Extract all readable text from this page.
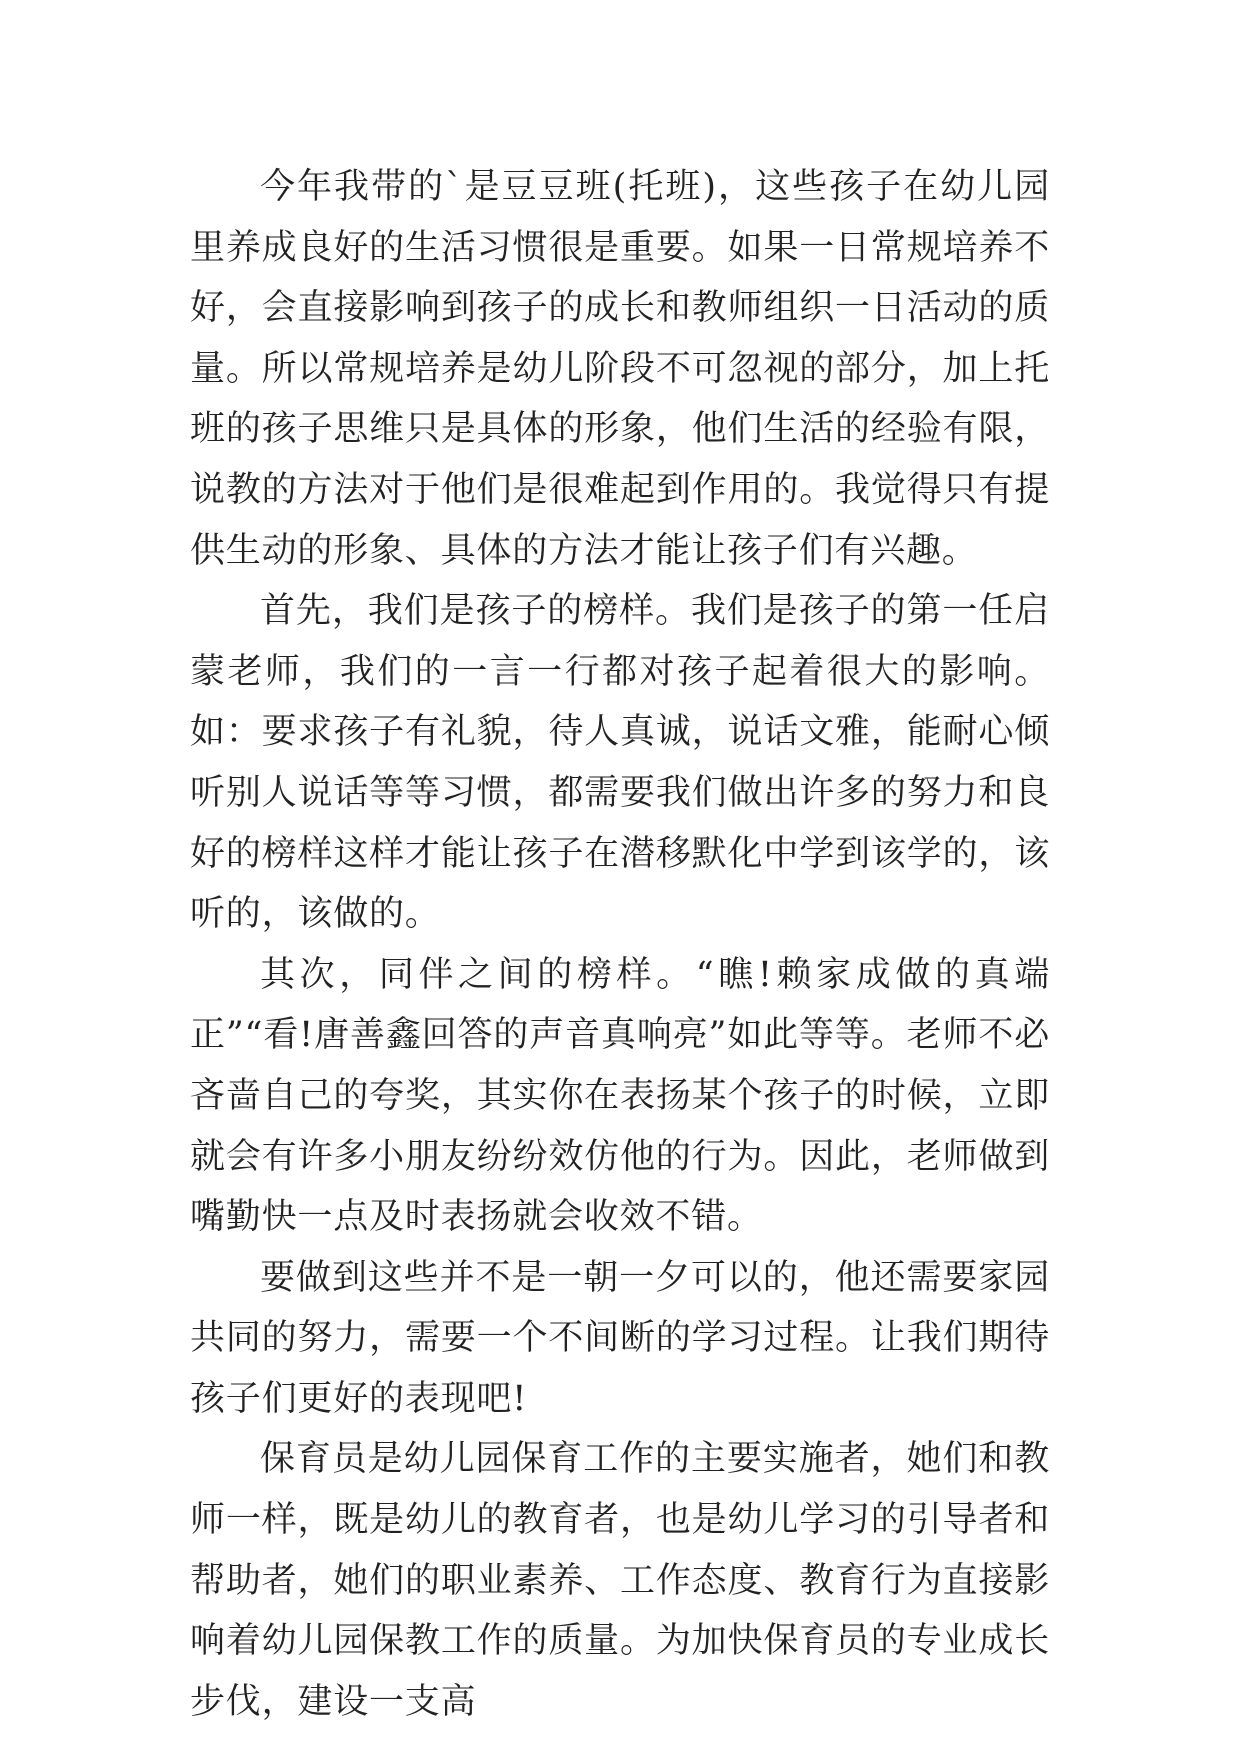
今年我带的`是豆豆班(托班)，这些孩子在幼儿园里养成良好的生活习惯很是重要。如果一日常规培养不好，会直接影响到孩子的成长和教师组织一日活动的质量。所以常规培养是幼儿阶段不可忽视的部分，加上托班的孩子思维只是具体的形象，他们生活的经验有限，说教的方法对于他们是很难起到作用的。我觉得只有提供生动的形象、具体的方法才能让孩子们有兴趣。

首先，我们是孩子的榜样。我们是孩子的第一任启蒙老师，我们的一言一行都对孩子起着很大的影响。如：要求孩子有礼貌，待人真诚，说话文雅，能耐心倾听别人说话等等习惯，都需要我们做出许多的努力和良好的榜样这样才能让孩子在潜移默化中学到该学的，该听的，该做的。

其次，同伴之间的榜样。“瞧!赖家成做的真端正”“看!唐善鑫回答的声音真响亮”如此等等。老师不必吝啬自己的夸奖，其实你在表扬某个孩子的时候，立即就会有许多小朋友纷纷效仿他的行为。因此，老师做到嘴勤快一点及时表扬就会收效不错。

要做到这些并不是一朝一夕可以的，他还需要家园共同的努力，需要一个不间断的学习过程。让我们期待孩子们更好的表现吧!

保育员是幼儿园保育工作的主要实施者，她们和教师一样，既是幼儿的教育者，也是幼儿学习的引导者和帮助者，她们的职业素养、工作态度、教育行为直接影响着幼儿园保教工作的质量。为加快保育员的专业成长步伐，建设一支高
